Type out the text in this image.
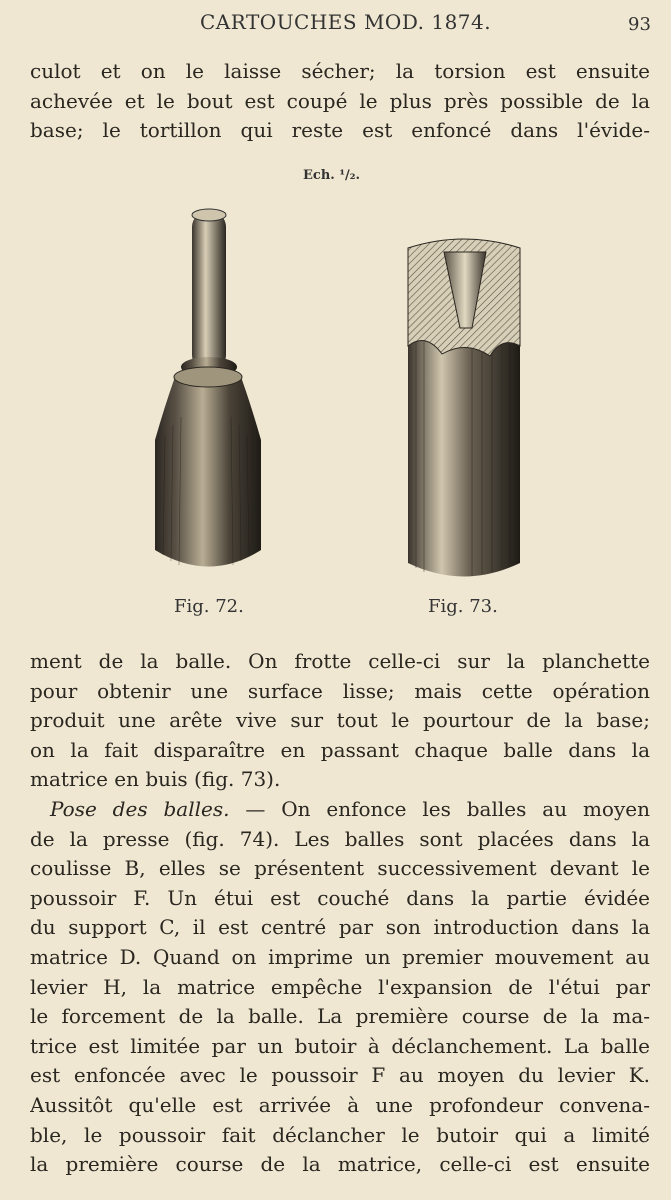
CARTOUCHES MOD. 1874.	93
culot et on le laisse sécher; la torsion est ensuite
achevée et le bout est coupé le plus près possible de la
base; le tortillon qui reste est enfoncé dans l'évide-
Ech. ¹/₂.
Fig. 72.	Fig. 73.
ment de la balle. On frotte celle-ci sur la planchette
pour obtenir une surface lisse; mais cette opération
produit une arête vive sur tout le pourtour de la base;
on la fait disparaître en passant chaque balle dans la
matrice en buis (fig. 73).
Pose des balles. — On enfonce les balles au moyen
de la presse (fig. 74). Les balles sont placées dans la
coulisse B, elles se présentent successivement devant le
poussoir F. Un étui est couché dans la partie évidée
du support C, il est centré par son introduction dans la
matrice D. Quand on imprime un premier mouvement au
levier H, la matrice empêche l'expansion de l'étui par
le forcement de la balle. La première course de la ma-
trice est limitée par un butoir à déclanchement. La balle
est enfoncée avec le poussoir F au moyen du levier K.
Aussitôt qu'elle est arrivée à une profondeur convena-
ble, le poussoir fait déclancher le butoir qui a limité
la première course de la matrice, celle-ci est ensuite
